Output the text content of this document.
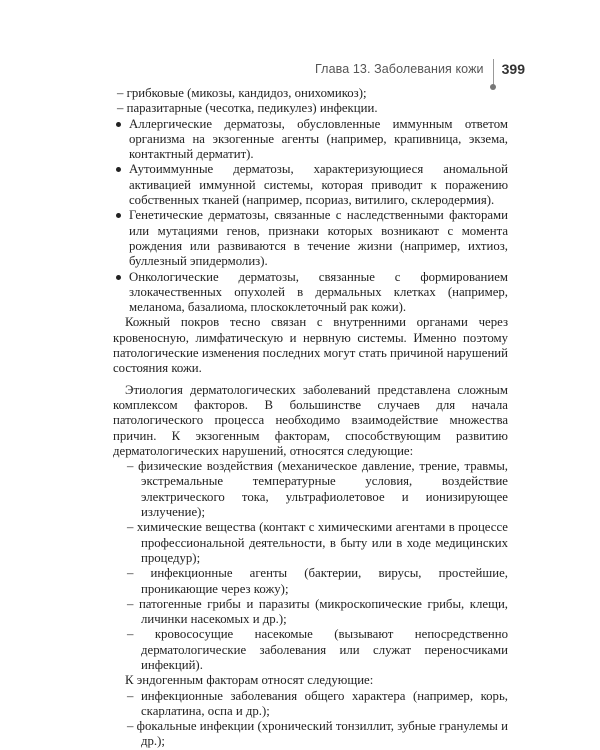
Глава 13. Заболевания кожи 399

– грибковые (микозы, кандидоз, онихомикоз);

– паразитарные (чесотка, педикулез) инфекции.

Аллергические дерматозы, обусловленные иммунным ответом организма на экзогенные агенты (например, крапивница, экзема, контактный дерматит).

Аутоиммунные дерматозы, характеризующиеся аномальной активацией иммунной системы, которая приводит к поражению собственных тканей (например, псориаз, витилиго, склеродермия).

Генетические дерматозы, связанные с наследственными факторами или мутациями генов, признаки которых возникают с момента рождения или развиваются в течение жизни (например, ихтиоз, буллезный эпидермолиз).

Онкологические дерматозы, связанные с формированием злокачественных опухолей в дермальных клетках (например, меланома, базалиома, плоскоклеточный рак кожи).

Кожный покров тесно связан с внутренними органами через кровеносную, лимфатическую и нервную системы. Именно поэтому патологические изменения последних могут стать причиной нарушений состояния кожи.

Этиология дерматологических заболеваний представлена сложным комплексом факторов. В большинстве случаев для начала патологического процесса необходимо взаимодействие множества причин. К экзогенным факторам, способствующим развитию дерматологических нарушений, относятся следующие:

– физические воздействия (механическое давление, трение, травмы, экстремальные температурные условия, воздействие электрического тока, ультрафиолетовое и ионизирующее излучение);

– химические вещества (контакт с химическими агентами в процессе профессиональной деятельности, в быту или в ходе медицинских процедур);

– инфекционные агенты (бактерии, вирусы, простейшие, проникающие через кожу);

– патогенные грибы и паразиты (микроскопические грибы, клещи, личинки насекомых и др.);

– кровососущие насекомые (вызывают непосредственно дерматологические заболевания или служат переносчиками инфекций).

К эндогенным факторам относят следующие:

– инфекционные заболевания общего характера (например, корь, скарлатина, оспа и др.);

– фокальные инфекции (хронический тонзиллит, зубные гранулемы и др.);
